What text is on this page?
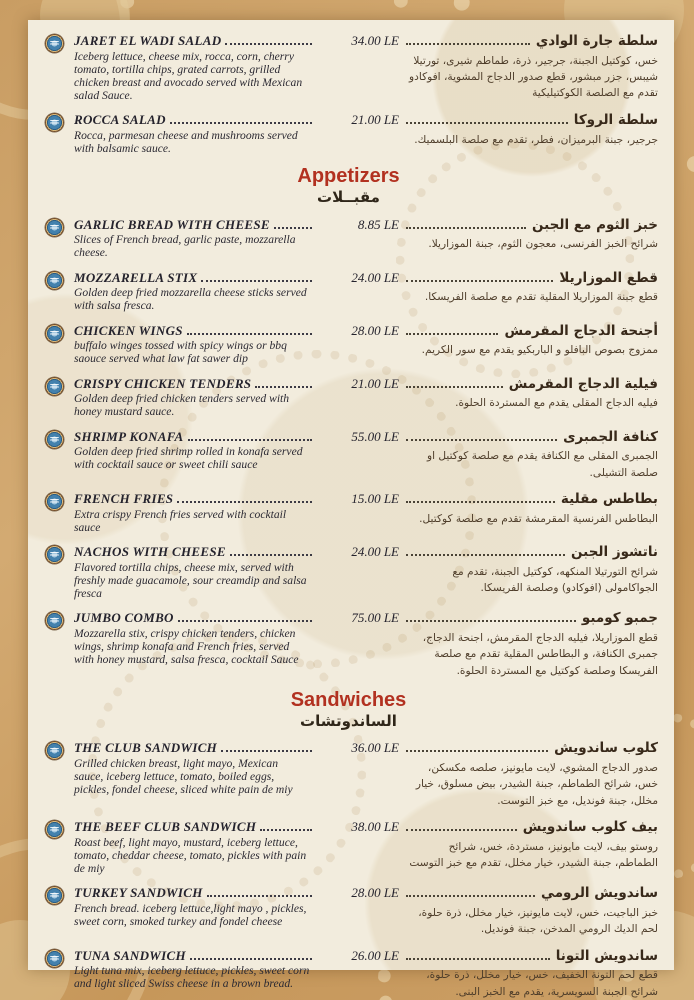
JARET EL WADI SALAD
Iceberg lettuce, cheese mix, rocca, corn, cherry tomato, tortilla chips, grated carrots, grilled chicken breast and avocado served with Mexican salad Sauce.
34.00 LE	سلطة جارة الوادي
خس، كوكتيل الجبنة، جرجير، ذرة، طماطم شيرى، تورتيلا شيبس، جزر مبشور، قطع صدور الدجاج المشوية، افوكادو تقدم مع الصلصة الكوكتيليكية
ROCCA SALAD
Rocca, parmesan cheese and mushrooms served with balsamic sauce.
21.00 LE	سلطة الروكا
جرجير، جبنة البرميزان، فطر، تقدم مع صلصة البلسميك.
Appetizers
مقبــلات
GARLIC BREAD WITH CHEESE
Slices of French bread, garlic paste, mozzarella cheese.
8.85 LE	خبز الثوم مع الجبن
شرائح الخبز الفرنسى، معجون الثوم، جبنة الموزاريلا.
MOZZARELLA STIX
Golden deep fried mozzarella cheese sticks served with salsa fresca.
24.00 LE	قطع الموزاريلا
قطع جبنة الموزاريلا المقلية تقدم مع صلصة الفريسكا.
CHICKEN WINGS
buffalo winges tossed with spicy wings or bbq saouce served what law fat sawer dip
28.00 LE	أجنحة الدجاج المقرمش
ممزوج بصوص البافلو و الباربكيو يقدم مع سور الكريم.
CRISPY CHICKEN TENDERS
Golden deep fried chicken tenders served with honey mustard sauce.
21.00 LE	فيلية الدجاج المقرمش
فيليه الدجاج المقلى يقدم مع المستردة الحلوة.
SHRIMP KONAFA
Golden deep fried shrimp rolled in konafa served with cocktail sauce or sweet chili sauce
55.00 LE	كنافة الجمبرى
الجمبرى المقلى مع الكنافة يقدم مع صلصة كوكتيل او صلصة التشيلى.
FRENCH FRIES
Extra crispy French fries served with cocktail sauce
15.00 LE	بطاطس مقلية
البطاطس الفرنسية المقرمشة تقدم مع صلصة كوكتيل.
NACHOS WITH CHEESE
Flavored tortilla chips, cheese mix, served with freshly made guacamole, sour creamdip and salsa fresca
24.00 LE	ناتشوز الجبن
شرائح التورتيلا المنكهه، كوكتيل الجبنة، تقدم مع الجواكامولى (افوكادو) وصلصة الفريسكا.
JUMBO COMBO
Mozzarella stix, crispy chicken tenders, chicken wings, shrimp konafa and French fries, served with honey mustard, salsa fresca, cocktail Sauce
75.00 LE	جمبو كومبو
قطع الموزاريلا، فيليه الدجاج المقرمش، اجنحة الدجاج، جمبرى الكنافة، و البطاطس المقلية تقدم مع صلصة الفريسكا وصلصة كوكتيل مع المستردة الحلوة.
Sandwiches
الساندوتشات
THE CLUB SANDWICH
Grilled chicken breast, light mayo, Mexican sauce, iceberg lettuce, tomato, boiled eggs, pickles, fondel cheese, sliced white pain de miy
36.00 LE	كلوب ساندويش
صدور الدجاج المشوي، لايت مايونيز، صلصه مكسكن، خس، شرائح الطماطم، جبنة الشيدر، بيض مسلوق، خيار مخلل، جبنة فونديل، مع خبز التوست.
THE BEEF CLUB SANDWICH
Roast beef, light mayo, mustard, iceberg lettuce, tomato, cheddar cheese, tomato, pickles with pain de miy
38.00 LE	بيف كلوب ساندويش
روستو بيف، لايت مايونيز، مستردة، خس، شرائح الطماطم، جبنة الشيدر، خيار مخلل، تقدم مع خبز التوست
TURKEY SANDWICH
French bread. iceberg lettuce,light mayo , pickles, sweet corn, smoked turkey and fondel cheese
28.00 LE	ساندويش الرومي
خبز الباجيت، خس، لايت مايونيز، خيار مخلل، ذرة حلوة، لحم الديك الرومي المدخن، جبنة فونديل.
TUNA SANDWICH
Light tuna mix, iceberg lettuce, pickles, sweet corn and light sliced Swiss cheese in a brown bread.
26.00 LE	ساندويش التونا
قطع لحم التونة الخفيف، خس، خيار مخلل، ذرة حلوة، شرائح الجبنة السويسرية، يقدم مع الخبز البنى.
